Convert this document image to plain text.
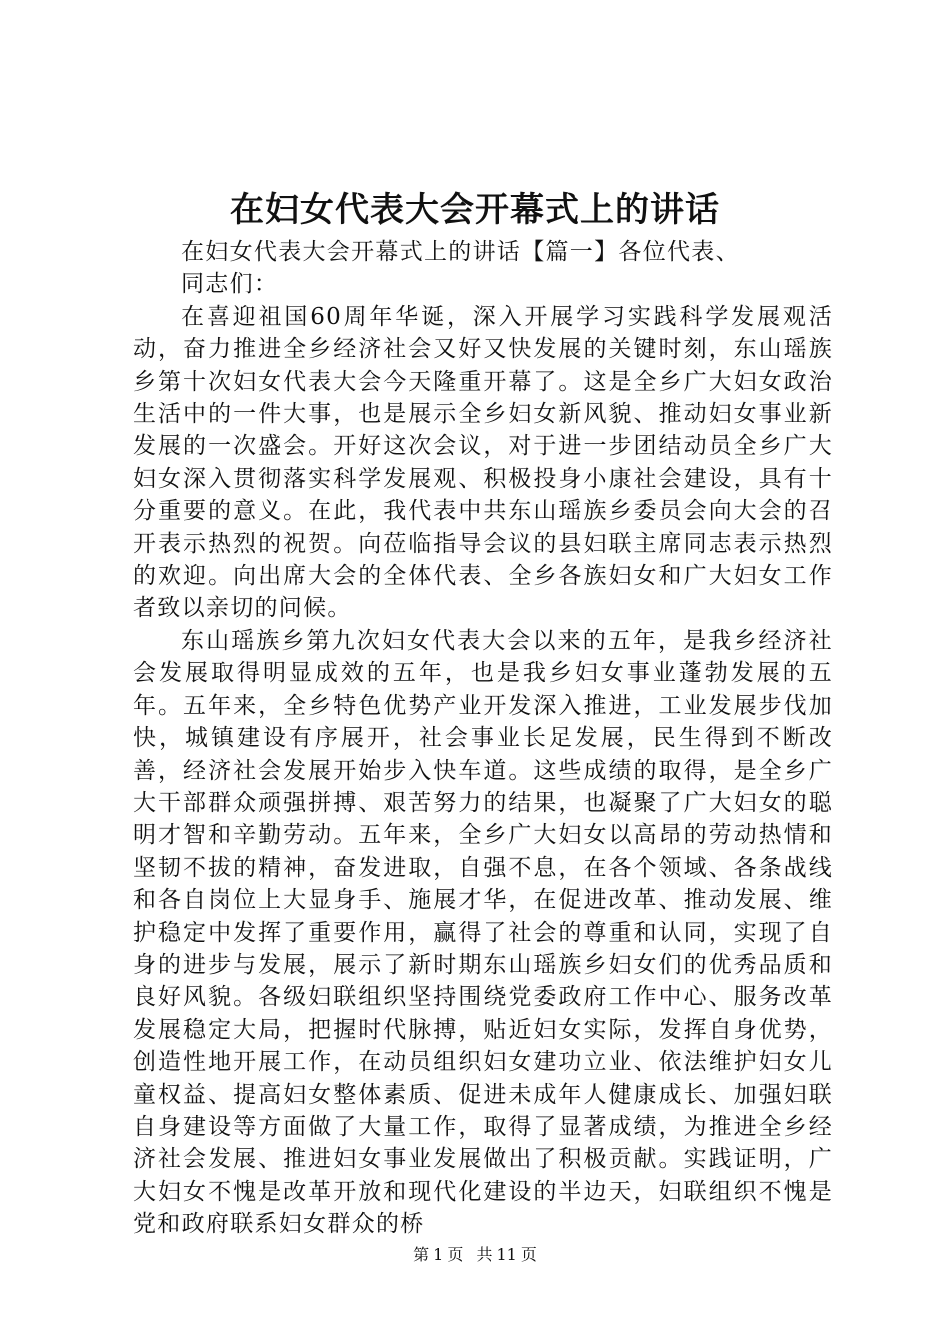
在妇女代表大会开幕式上的讲话

在妇女代表大会开幕式上的讲话【篇一】各位代表、

同志们：

在喜迎祖国60周年华诞，深入开展学习实践科学发展观活动，奋力推进全乡经济社会又好又快发展的关键时刻，东山瑶族乡第十次妇女代表大会今天隆重开幕了。这是全乡广大妇女政治生活中的一件大事，也是展示全乡妇女新风貌、推动妇女事业新发展的一次盛会。开好这次会议，对于进一步团结动员全乡广大妇女深入贯彻落实科学发展观、积极投身小康社会建设，具有十分重要的意义。在此，我代表中共东山瑶族乡委员会向大会的召开表示热烈的祝贺。向莅临指导会议的县妇联主席同志表示热烈的欢迎。向出席大会的全体代表、全乡各族妇女和广大妇女工作者致以亲切的问候。

东山瑶族乡第九次妇女代表大会以来的五年，是我乡经济社会发展取得明显成效的五年，也是我乡妇女事业蓬勃发展的五年。五年来，全乡特色优势产业开发深入推进，工业发展步伐加快，城镇建设有序展开，社会事业长足发展，民生得到不断改善，经济社会发展开始步入快车道。这些成绩的取得，是全乡广大干部群众顽强拼搏、艰苦努力的结果，也凝聚了广大妇女的聪明才智和辛勤劳动。五年来，全乡广大妇女以高昂的劳动热情和坚韧不拔的精神，奋发进取，自强不息，在各个领域、各条战线和各自岗位上大显身手、施展才华，在促进改革、推动发展、维护稳定中发挥了重要作用，赢得了社会的尊重和认同，实现了自身的进步与发展，展示了新时期东山瑶族乡妇女们的优秀品质和良好风貌。各级妇联组织坚持围绕党委政府工作中心、服务改革发展稳定大局，把握时代脉搏，贴近妇女实际，发挥自身优势，创造性地开展工作，在动员组织妇女建功立业、依法维护妇女儿童权益、提高妇女整体素质、促进未成年人健康成长、加强妇联自身建设等方面做了大量工作，取得了显著成绩，为推进全乡经济社会发展、推进妇女事业发展做出了积极贡献。实践证明，广大妇女不愧是改革开放和现代化建设的半边天，妇联组织不愧是党和政府联系妇女群众的桥

第 1 页 共 11 页
